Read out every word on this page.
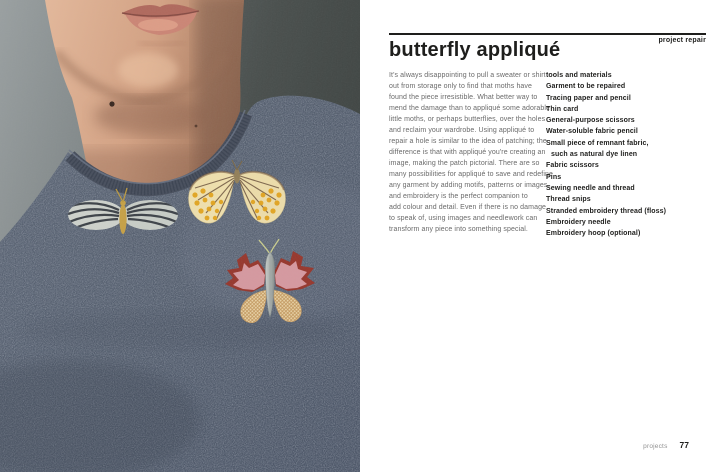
project repair
butterfly appliqué
It's always disappointing to pull a sweater or shirt
out from storage only to find that moths have
found the piece irresistible. What better way to
mend the damage than to appliqué some adorable
little moths, or perhaps butterflies, over the holes
and reclaim your wardrobe. Using appliqué to
repair a hole is similar to the idea of patching; the
difference is that with appliqué you're creating an
image, making the patch pictorial. There are so
many possibilities for appliqué to save and redefine
any garment by adding motifs, patterns or images,
and embroidery is the perfect companion to
add colour and detail. Even if there is no damage
to speak of, using images and needlework can
transform any piece into something special.
tools and materials
Garment to be repaired
Tracing paper and pencil
Thin card
General-purpose scissors
Water-soluble fabric pencil
Small piece of remnant fabric,
such as natural dye linen
Fabric scissors
Pins
Sewing needle and thread
Thread snips
Stranded embroidery thread (floss)
Embroidery needle
Embroidery hoop (optional)
projects 77
